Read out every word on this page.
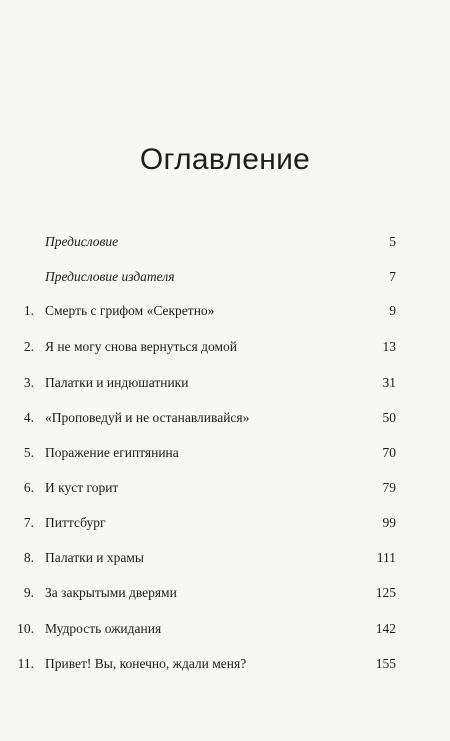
Оглавление
Предисловие	5
Предисловие издателя	7
1. Смерть с грифом «Секретно»	9
2. Я не могу снова вернуться домой	13
3. Палатки и индюшатники	31
4. «Проповедуй и не останавливайся»	50
5. Поражение египтянина	70
6. И куст горит	79
7. Питтсбург	99
8. Палатки и храмы	111
9. За закрытыми дверями	125
10. Мудрость ожидания	142
11. Привет! Вы, конечно, ждали меня?	155
